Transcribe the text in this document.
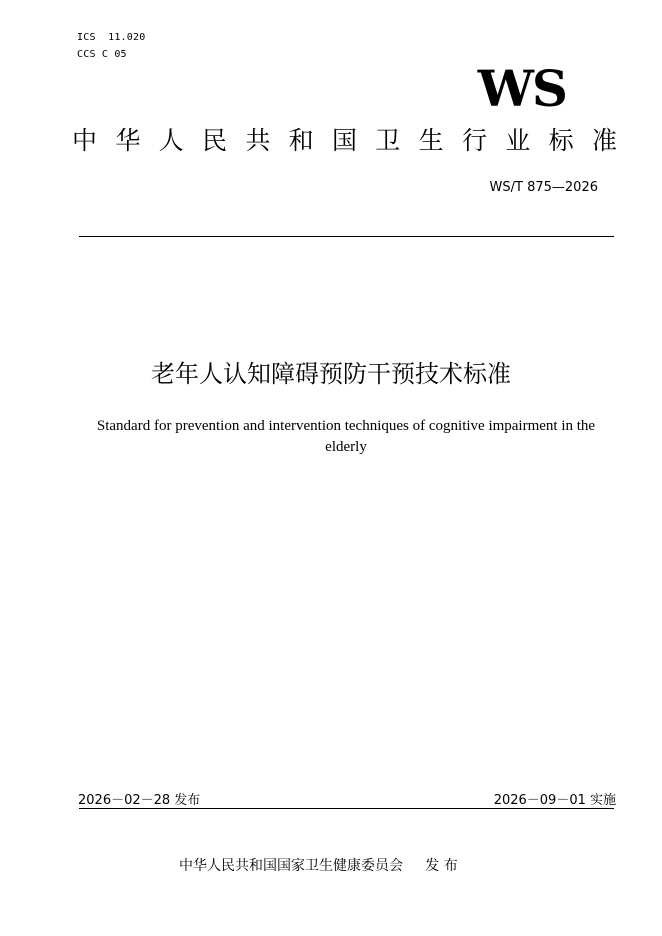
ICS  11.020
CCS C 05
WS
中 华 人 民 共 和 国 卫 生 行 业 标 准
WS/T 875—2026
老年人认知障碍预防干预技术标准
Standard for prevention and intervention techniques of cognitive impairment in the elderly
2026－02－28 发布	2026－09－01 实施
中华人民共和国国家卫生健康委员会     发 布
